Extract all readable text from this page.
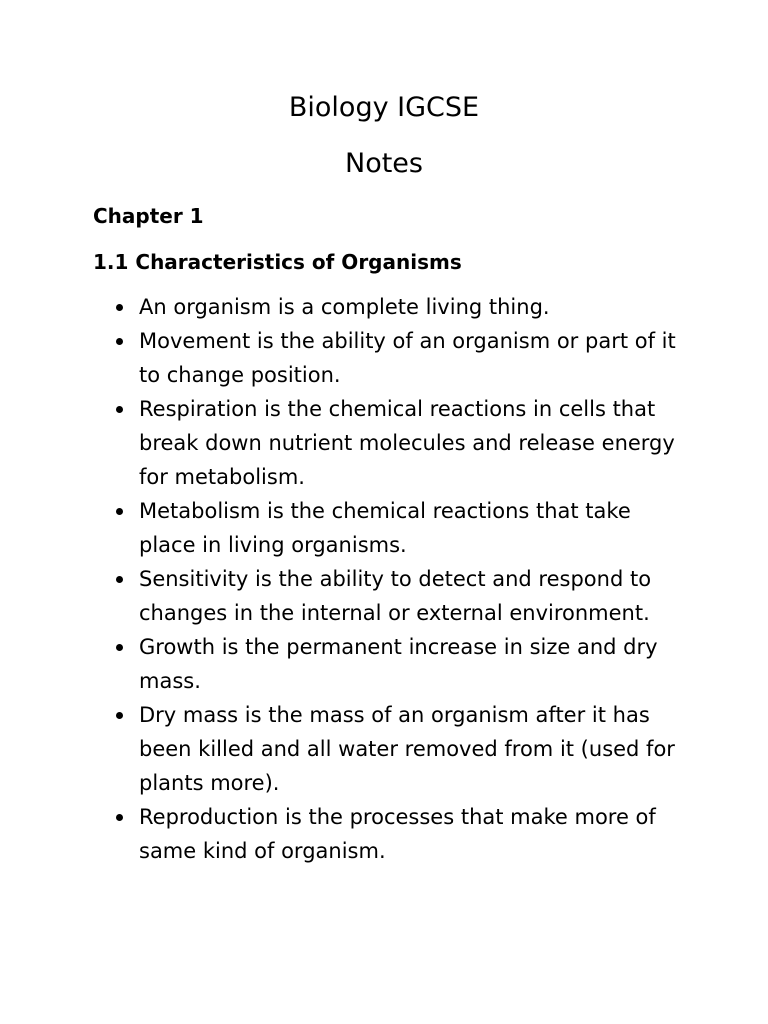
Biology IGCSE
Notes
Chapter 1
1.1 Characteristics of Organisms
An organism is a complete living thing.
Movement is the ability of an organism or part of it to change position.
Respiration is the chemical reactions in cells that break down nutrient molecules and release energy for metabolism.
Metabolism is the chemical reactions that take place in living organisms.
Sensitivity is the ability to detect and respond to changes in the internal or external environment.
Growth is the permanent increase in size and dry mass.
Dry mass is the mass of an organism after it has been killed and all water removed from it (used for plants more).
Reproduction is the processes that make more of same kind of organism.
